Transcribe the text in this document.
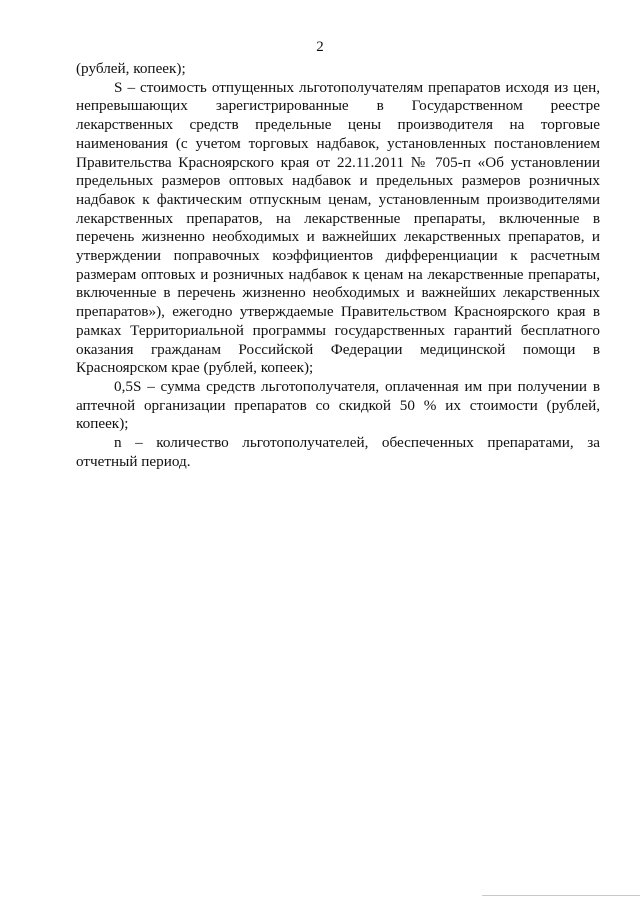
2

(рублей, копеек);

S – стоимость отпущенных льготополучателям препаратов исходя из цен, непревышающих зарегистрированные в Государственном реестре лекарственных средств предельные цены производителя на торговые наименования (с учетом торговых надбавок, установленных постановлением Правительства Красноярского края от 22.11.2011 № 705-п «Об установлении предельных размеров оптовых надбавок и предельных размеров розничных надбавок к фактическим отпускным ценам, установленным производителями лекарственных препаратов, на лекарственные препараты, включенные в перечень жизненно необходимых и важнейших лекарственных препаратов, и утверждении поправочных коэффициентов дифференциации к расчетным размерам оптовых и розничных надбавок к ценам на лекарственные препараты, включенные в перечень жизненно необходимых и важнейших лекарственных препаратов»), ежегодно утверждаемые Правительством Красноярского края в рамках Территориальной программы государственных гарантий бесплатного оказания гражданам Российской Федерации медицинской помощи в Красноярском крае (рублей, копеек);

0,5S – сумма средств льготополучателя, оплаченная им при получении в аптечной организации препаратов со скидкой 50 % их стоимости (рублей, копеек);

n – количество льготополучателей, обеспеченных препаратами, за отчетный период.
